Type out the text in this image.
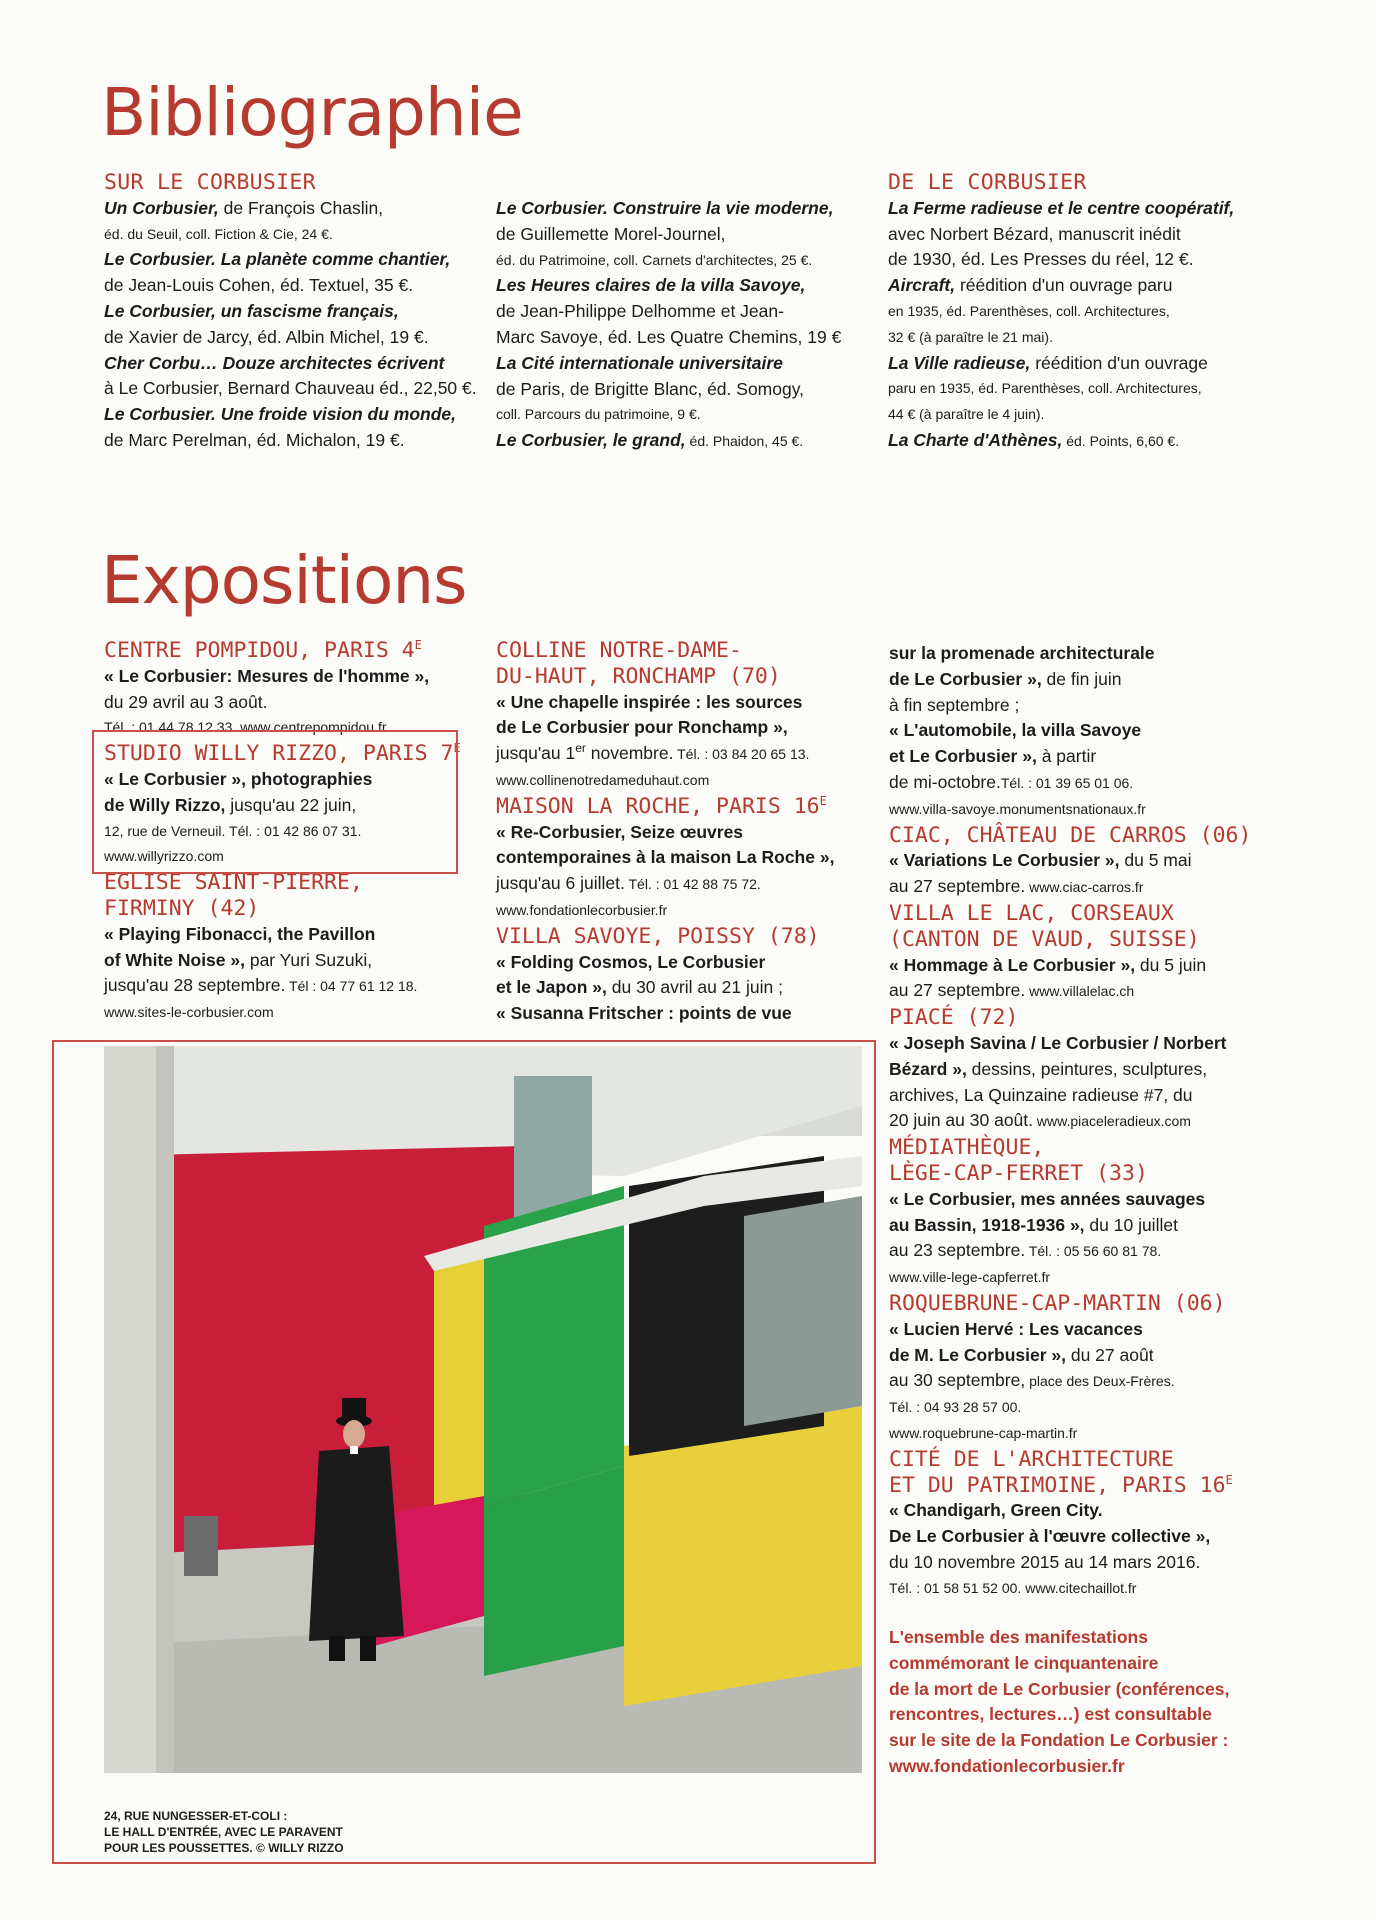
Bibliographie

SUR LE CORBUSIER

Un Corbusier, de François Chaslin,

éd. du Seuil, coll. Fiction & Cie, 24 €.

Le Corbusier. La planète comme chantier,

de Jean-Louis Cohen, éd. Textuel, 35 €.

Le Corbusier, un fascisme français,

de Xavier de Jarcy, éd. Albin Michel, 19 €.

Cher Corbu… Douze architectes écrivent

à Le Corbusier, Bernard Chauveau éd., 22,50 €.

Le Corbusier. Une froide vision du monde,

de Marc Perelman, éd. Michalon, 19 €.

Le Corbusier. Construire la vie moderne,

de Guillemette Morel-Journel,

éd. du Patrimoine, coll. Carnets d'architectes, 25 €.

Les Heures claires de la villa Savoye,

de Jean-Philippe Delhomme et Jean-

Marc Savoye, éd. Les Quatre Chemins, 19 €

La Cité internationale universitaire

de Paris, de Brigitte Blanc, éd. Somogy,

coll. Parcours du patrimoine, 9 €.

Le Corbusier, le grand, éd. Phaidon, 45 €.

DE LE CORBUSIER

La Ferme radieuse et le centre coopératif,

avec Norbert Bézard, manuscrit inédit

de 1930, éd. Les Presses du réel, 12 €.

Aircraft, réédition d'un ouvrage paru

en 1935, éd. Parenthèses, coll. Architectures,

32 € (à paraître le 21 mai).

La Ville radieuse, réédition d'un ouvrage

paru en 1935, éd. Parenthèses, coll. Architectures,

44 € (à paraître le 4 juin).

La Charte d'Athènes, éd. Points, 6,60 €.

Expositions

CENTRE POMPIDOU, PARIS $4^E$

« Le Corbusier: Mesures de l'homme »,

du 29 avril au 3 août.

Tél. : 01 44 78 12 33. www.centrepompidou.fr

STUDIO WILLY RIZZO, PARIS $7^E$

« Le Corbusier », photographies

de Willy Rizzo, jusqu'au 22 juin,

12, rue de Verneuil. Tél. : 01 42 86 07 31.

www.willyrizzo.com

EGLISE SAINT-PIERRE,

FIRMINY (42)

« Playing Fibonacci, the Pavillon

of White Noise », par Yuri Suzuki,

jusqu'au 28 septembre. Tél : 04 77 61 12 18.

www.sites-le-corbusier.com

COLLINE NOTRE-DAME-

DU-HAUT, RONCHAMP (70)

« Une chapelle inspirée : les sources

de Le Corbusier pour Ronchamp »,

jusqu'au 1er novembre. Tél. : 03 84 20 65 13.

www.collinenotredameduhaut.com

MAISON LA ROCHE, PARIS $16^E$

« Re-Corbusier, Seize œuvres

contemporaines à la maison La Roche »,

jusqu'au 6 juillet. Tél. : 01 42 88 75 72.

www.fondationlecorbusier.fr

VILLA SAVOYE, POISSY (78)

« Folding Cosmos, Le Corbusier

et le Japon », du 30 avril au 21 juin ;

« Susanna Fritscher : points de vue

sur la promenade architecturale

de Le Corbusier », de fin juin

à fin septembre ;

« L'automobile, la villa Savoye

et Le Corbusier », à partir

de mi-octobre.Tél. : 01 39 65 01 06.

www.villa-savoye.monumentsnationaux.fr

CIAC, CHÂTEAU DE CARROS (06)

« Variations Le Corbusier », du 5 mai

au 27 septembre. www.ciac-carros.fr

VILLA LE LAC, CORSEAUX

(CANTON DE VAUD, SUISSE)

« Hommage à Le Corbusier », du 5 juin

au 27 septembre. www.villalelac.ch

PIACÉ (72)

« Joseph Savina / Le Corbusier / Norbert

Bézard », dessins, peintures, sculptures,

archives, La Quinzaine radieuse #7, du

20 juin au 30 août. www.piaceleradieux.com

MÉDIATHÈQUE,

LÈGE-CAP-FERRET (33)

« Le Corbusier, mes années sauvages

au Bassin, 1918-1936 », du 10 juillet

au 23 septembre. Tél. : 05 56 60 81 78.

www.ville-lege-capferret.fr

ROQUEBRUNE-CAP-MARTIN (06)

« Lucien Hervé : Les vacances

de M. Le Corbusier », du 27 août

au 30 septembre, place des Deux-Frères.

Tél. : 04 93 28 57 00.

www.roquebrune-cap-martin.fr

CITÉ DE L'ARCHITECTURE

ET DU PATRIMOINE, PARIS $16^E$

« Chandigarh, Green City.

De Le Corbusier à l'œuvre collective »,

du 10 novembre 2015 au 14 mars 2016.

Tél. : 01 58 51 52 00. www.citechaillot.fr

L'ensemble des manifestations
commémorant le cinquantenaire
de la mort de Le Corbusier (conférences,
rencontres, lectures…) est consultable
sur le site de la Fondation Le Corbusier :
www.fondationlecorbusier.fr
24, RUE NUNGESSER-ET-COLI :
LE HALL D'ENTRÉE, AVEC LE PARAVENT
POUR LES POUSSETTES. © WILLY RIZZO
